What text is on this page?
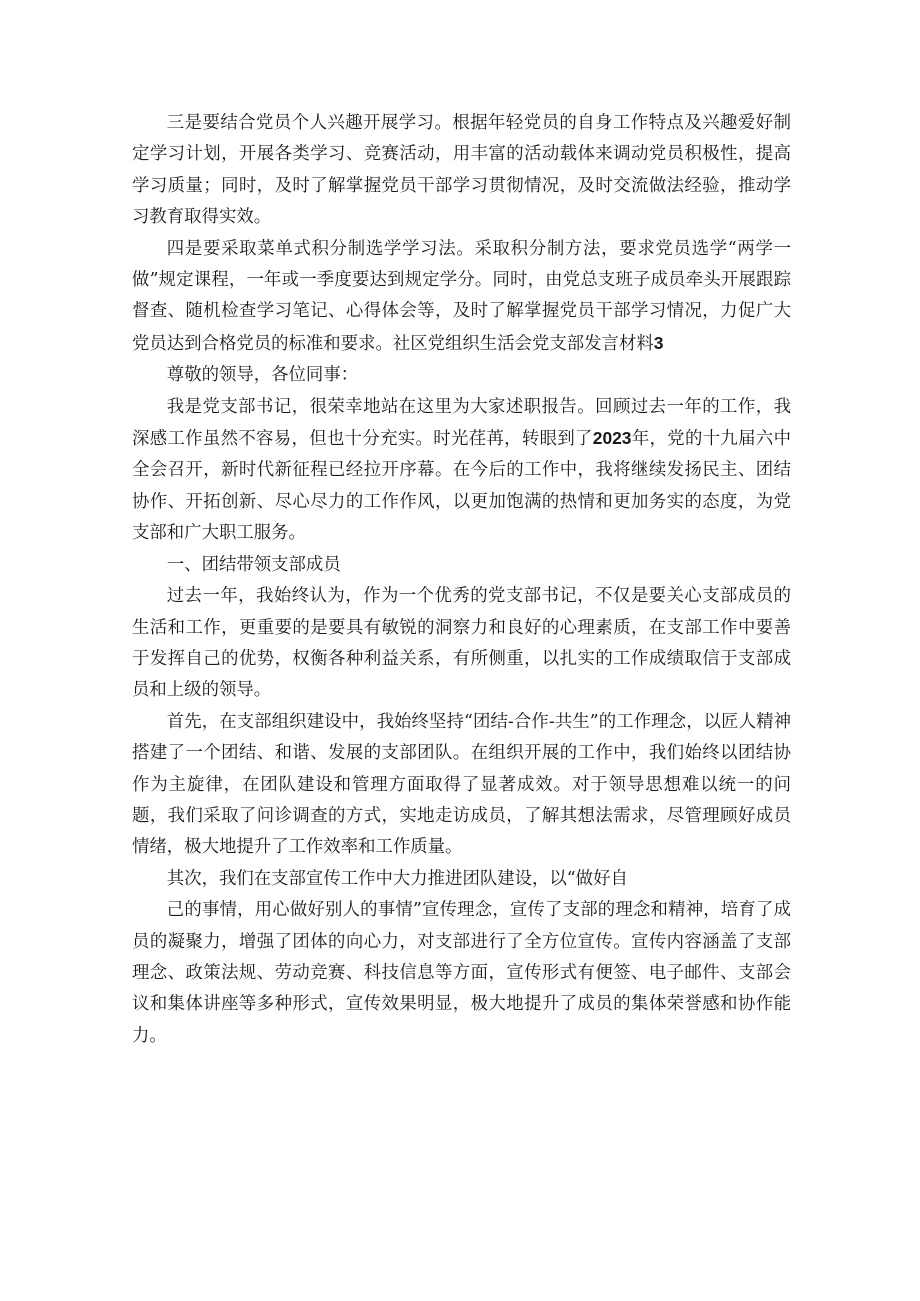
三是要结合党员个人兴趣开展学习。根据年轻党员的自身工作特点及兴趣爱好制定学习计划，开展各类学习、竞赛活动，用丰富的活动载体来调动党员积极性，提高学习质量；同时，及时了解掌握党员干部学习贯彻情况，及时交流做法经验，推动学习教育取得实效。

四是要采取菜单式积分制选学学习法。采取积分制方法，要求党员选学“两学一做”规定课程，一年或一季度要达到规定学分。同时，由党总支班子成员牵头开展跟踪督查、随机检查学习笔记、心得体会等，及时了解掌握党员干部学习情况，力促广大党员达到合格党员的标准和要求。社区党组织生活会党支部发言材料3

尊敬的领导，各位同事：

我是党支部书记，很荣幸地站在这里为大家述职报告。回顾过去一年的工作，我深感工作虽然不容易，但也十分充实。时光荏苒，转眼到了2023年，党的十九届六中全会召开，新时代新征程已经拉开序幕。在今后的工作中，我将继续发扬民主、团结协作、开拓创新、尽心尽力的工作作风，以更加饱满的热情和更加务实的态度，为党支部和广大职工服务。

一、团结带领支部成员

过去一年，我始终认为，作为一个优秀的党支部书记，不仅是要关心支部成员的生活和工作，更重要的是要具有敏锐的洞察力和良好的心理素质，在支部工作中要善于发挥自己的优势，权衡各种利益关系，有所侧重，以扎实的工作成绩取信于支部成员和上级的领导。

首先，在支部组织建设中，我始终坚持“团结-合作-共生”的工作理念，以匠人精神搭建了一个团结、和谐、发展的支部团队。在组织开展的工作中，我们始终以团结协作为主旋律，在团队建设和管理方面取得了显著成效。对于领导思想难以统一的问题，我们采取了问诊调查的方式，实地走访成员，了解其想法需求，尽管理顾好成员情绪，极大地提升了工作效率和工作质量。

其次，我们在支部宣传工作中大力推进团队建设，以“做好自

己的事情，用心做好别人的事情”宣传理念，宣传了支部的理念和精神，培育了成员的凝聚力，增强了团体的向心力，对支部进行了全方位宣传。宣传内容涵盖了支部理念、政策法规、劳动竞赛、科技信息等方面，宣传形式有便签、电子邮件、支部会议和集体讲座等多种形式，宣传效果明显，极大地提升了成员的集体荣誉感和协作能力。
